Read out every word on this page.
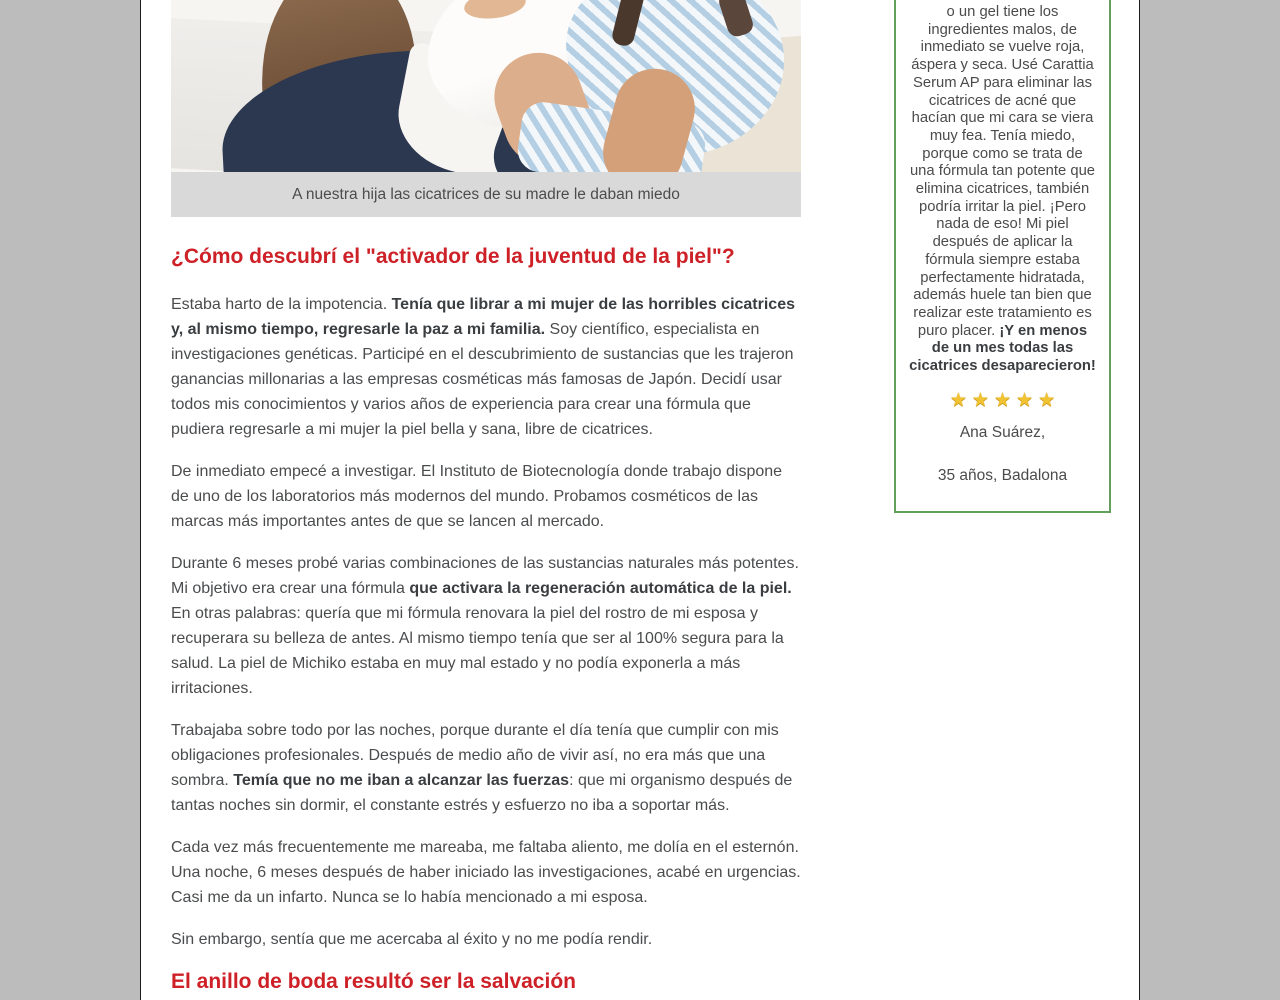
A nuestra hija las cicatrices de su madre le daban miedo
¿Cómo descubrí el "activador de la juventud de la piel"?

Estaba harto de la impotencia. Tenía que librar a mi mujer de las horribles cicatrices y, al mismo tiempo, regresarle la paz a mi familia. Soy científico, especialista en investigaciones genéticas. Participé en el descubrimiento de sustancias que les trajeron ganancias millonarias a las empresas cosméticas más famosas de Japón. Decidí usar todos mis conocimientos y varios años de experiencia para crear una fórmula que pudiera regresarle a mi mujer la piel bella y sana, libre de cicatrices.

De inmediato empecé a investigar. El Instituto de Biotecnología donde trabajo dispone de uno de los laboratorios más modernos del mundo. Probamos cosméticos de las marcas más importantes antes de que se lancen al mercado.

Durante 6 meses probé varias combinaciones de las sustancias naturales más potentes. Mi objetivo era crear una fórmula que activara la regeneración automática de la piel. En otras palabras: quería que mi fórmula renovara la piel del rostro de mi esposa y recuperara su belleza de antes. Al mismo tiempo tenía que ser al 100% segura para la salud. La piel de Michiko estaba en muy mal estado y no podía exponerla a más irritaciones.

Trabajaba sobre todo por las noches, porque durante el día tenía que cumplir con mis obligaciones profesionales. Después de medio año de vivir así, no era más que una sombra. Temía que no me iban a alcanzar las fuerzas: que mi organismo después de tantas noches sin dormir, el constante estrés y esfuerzo no iba a soportar más.

Cada vez más frecuentemente me mareaba, me faltaba aliento, me dolía en el esternón. Una noche, 6 meses después de haber iniciado las investigaciones, acabé en urgencias. Casi me da un infarto. Nunca se lo había mencionado a mi esposa.

Sin embargo, sentía que me acercaba al éxito y no me podía rendir.

El anillo de boda resultó ser la salvación

o un gel tiene los ingredientes malos, de inmediato se vuelve roja, áspera y seca. Usé Carattia Serum AP para eliminar las cicatrices de acné que hacían que mi cara se viera muy fea. Tenía miedo, porque como se trata de una fórmula tan potente que elimina cicatrices, también podría irritar la piel. ¡Pero nada de eso! Mi piel después de aplicar la fórmula siempre estaba perfectamente hidratada, además huele tan bien que realizar este tratamiento es puro placer. ¡Y en menos de un mes todas las cicatrices desaparecieron!

★ ★ ★ ★ ★

Ana Suárez,

35 años, Badalona
